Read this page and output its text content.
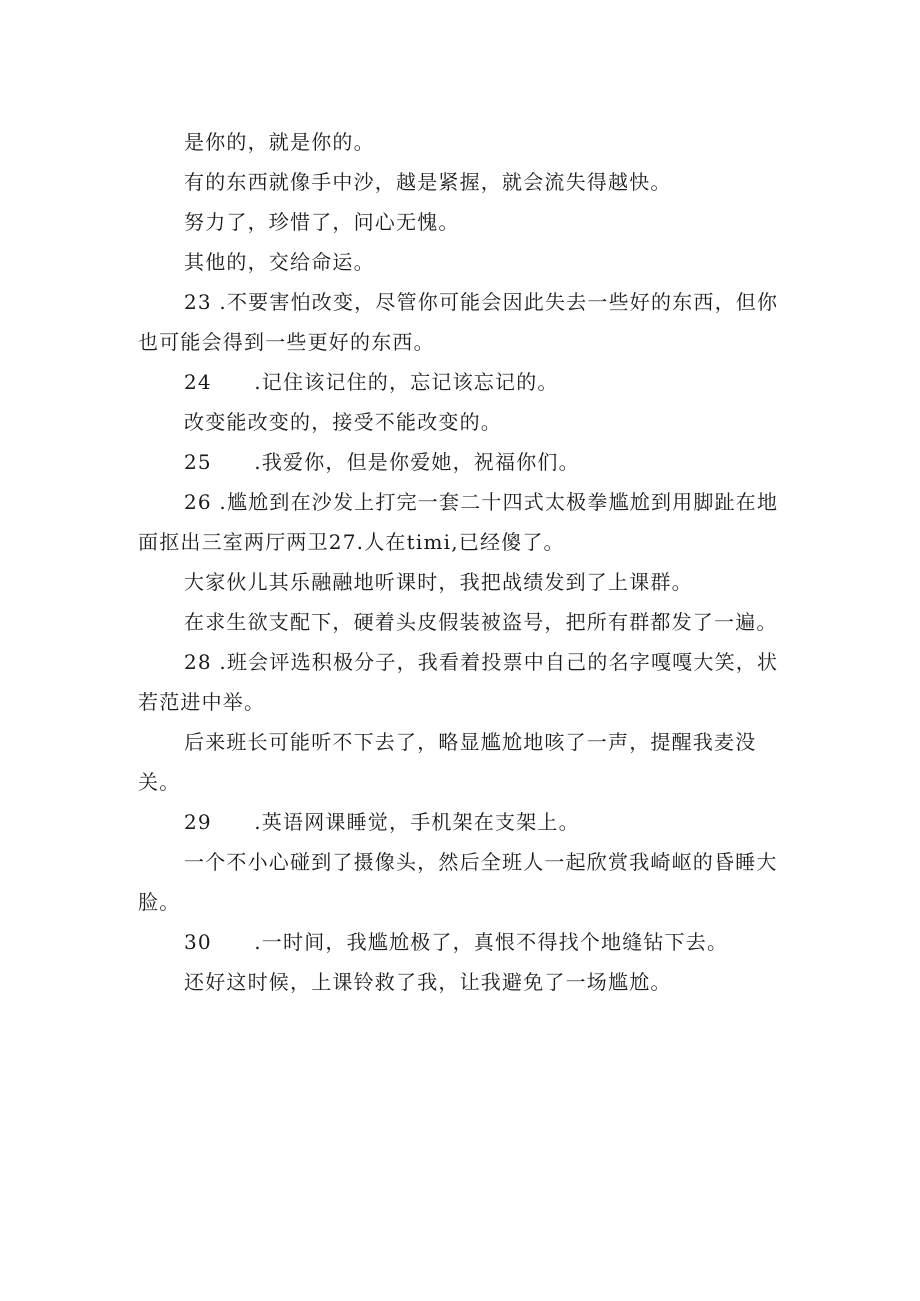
是你的，就是你的。

有的东西就像手中沙，越是紧握，就会流失得越快。

努力了，珍惜了，问心无愧。

其他的，交给命运。

23 .不要害怕改变，尽管你可能会因此失去一些好的东西，但你也可能会得到一些更好的东西。

24　　.记住该记住的，忘记该忘记的。

改变能改变的，接受不能改变的。

25　　.我爱你，但是你爱她，祝福你们。

26 .尴尬到在沙发上打完一套二十四式太极拳尴尬到用脚趾在地面抠出三室两厅两卫27.人在timi,已经傻了。

大家伙儿其乐融融地听课时，我把战绩发到了上课群。

在求生欲支配下，硬着头皮假装被盗号，把所有群都发了一遍。

28 .班会评选积极分子，我看着投票中自己的名字嘎嘎大笑，状若范进中举。

后来班长可能听不下去了，略显尴尬地咳了一声，提醒我麦没关。

29　　.英语网课睡觉，手机架在支架上。

一个不小心碰到了摄像头，然后全班人一起欣赏我崎岖的昏睡大脸。

30　　.一时间，我尴尬极了，真恨不得找个地缝钻下去。

还好这时候，上课铃救了我，让我避免了一场尴尬。
